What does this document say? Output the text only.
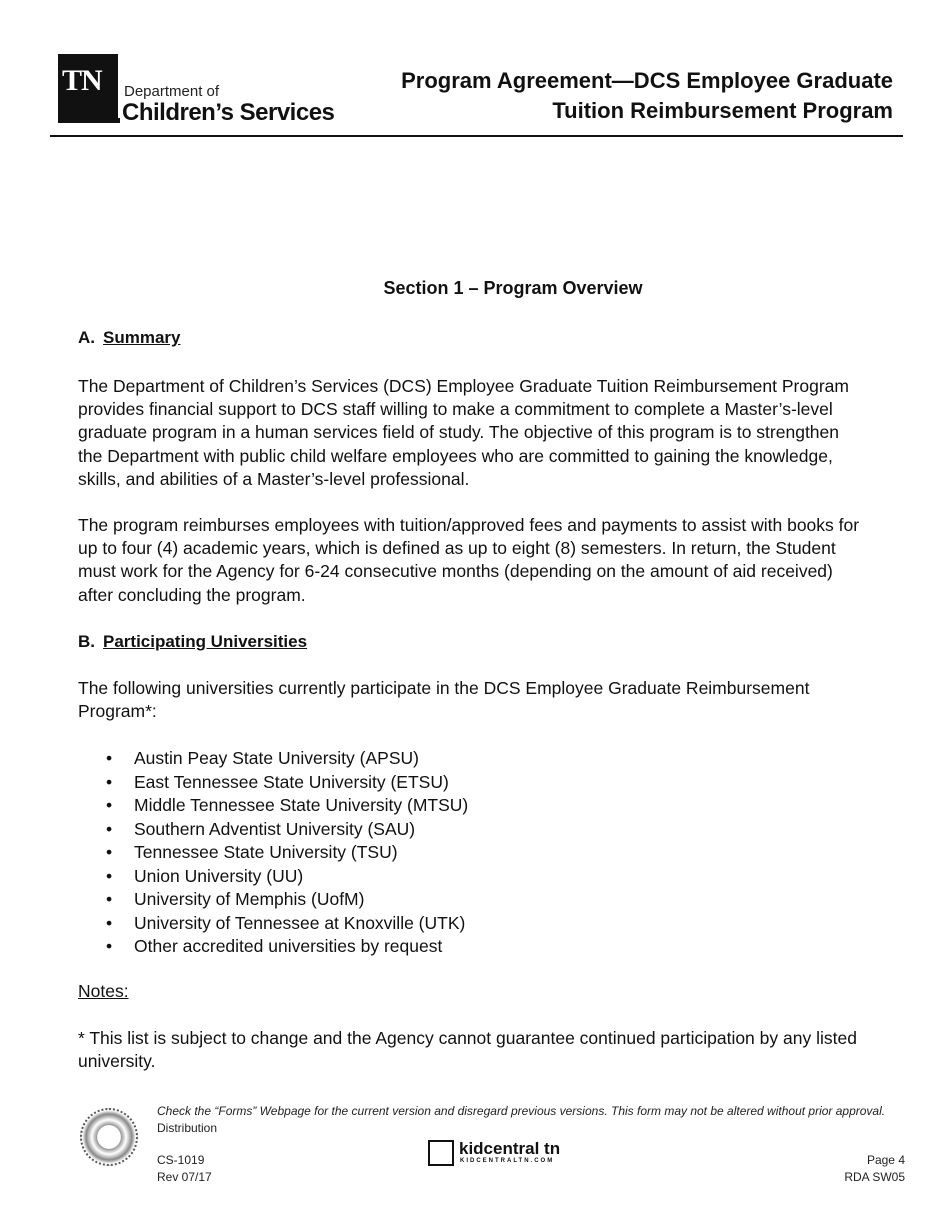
TN Department of
Children’s Services
Program Agreement—DCS Employee Graduate
Tuition Reimbursement Program
Section 1 – Program Overview
A. Summary
The Department of Children’s Services (DCS) Employee Graduate Tuition Reimbursement Program
provides financial support to DCS staff willing to make a commitment to complete a Master’s-level
graduate program in a human services field of study. The objective of this program is to strengthen
the Department with public child welfare employees who are committed to gaining the knowledge,
skills, and abilities of a Master’s-level professional.
The program reimburses employees with tuition/approved fees and payments to assist with books for
up to four (4) academic years, which is defined as up to eight (8) semesters. In return, the Student
must work for the Agency for 6-24 consecutive months (depending on the amount of aid received)
after concluding the program.
B. Participating Universities
The following universities currently participate in the DCS Employee Graduate Reimbursement
Program*:
• Austin Peay State University (APSU)
• East Tennessee State University (ETSU)
• Middle Tennessee State University (MTSU)
• Southern Adventist University (SAU)
• Tennessee State University (TSU)
• Union University (UU)
• University of Memphis (UofM)
• University of Tennessee at Knoxville (UTK)
• Other accredited universities by request
Notes:
* This list is subject to change and the Agency cannot guarantee continued participation by any listed
university.
Check the “Forms” Webpage for the current version and disregard previous versions. This form may not be altered without prior approval.
Distribution
CS-1019
Rev 07/17
Page 4
RDA SW05
kidcentral tn
KIDCENTRALTN.COM
